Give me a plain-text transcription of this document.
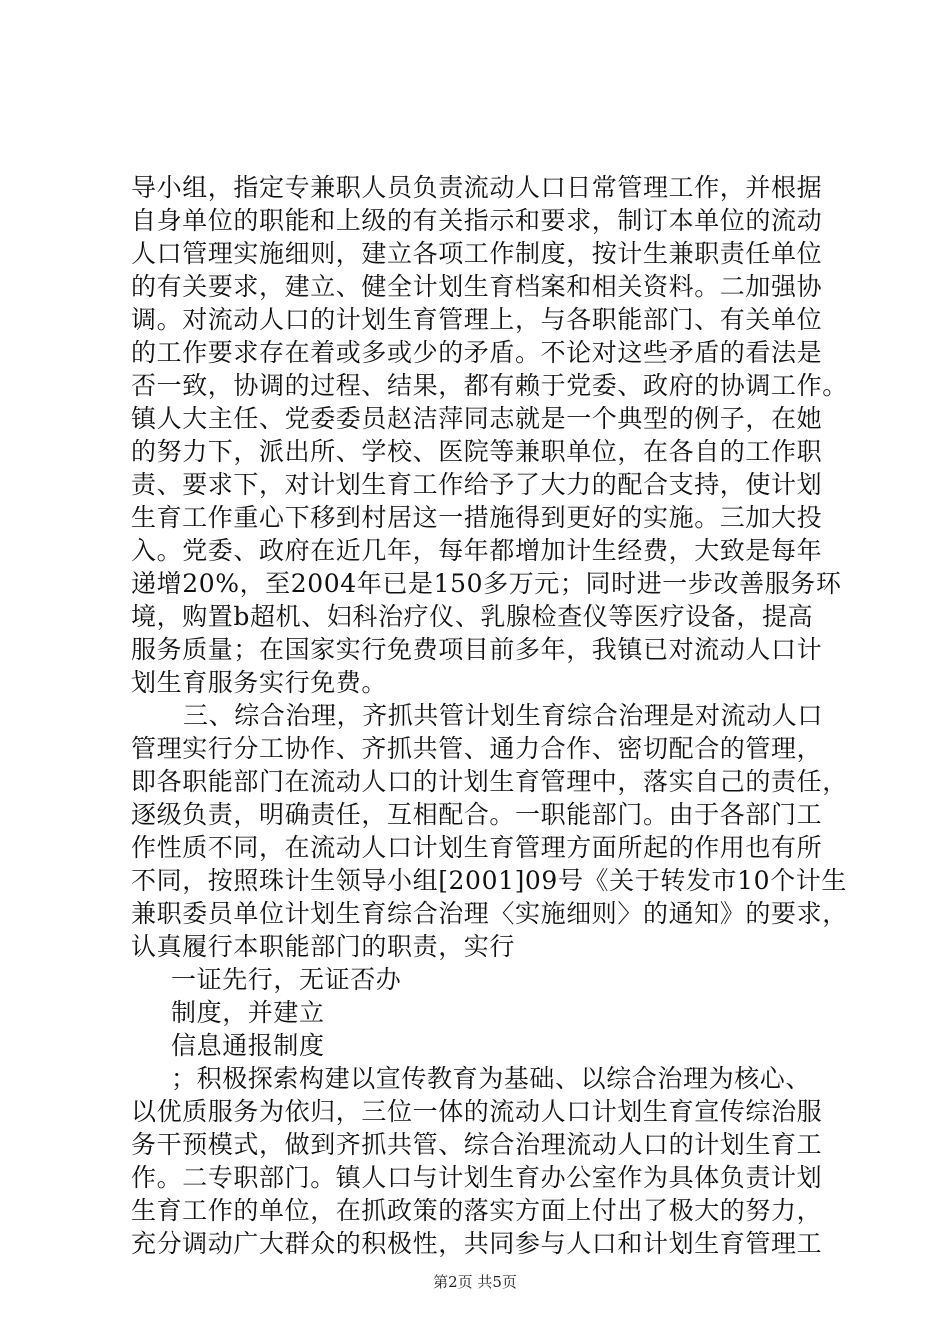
导小组，指定专兼职人员负责流动人口日常管理工作，并根据
自身单位的职能和上级的有关指示和要求，制订本单位的流动
人口管理实施细则，建立各项工作制度，按计生兼职责任单位
的有关要求，建立、健全计划生育档案和相关资料。二加强协
调。对流动人口的计划生育管理上，与各职能部门、有关单位
的工作要求存在着或多或少的矛盾。不论对这些矛盾的看法是
否一致，协调的过程、结果，都有赖于党委、政府的协调工作。
镇人大主任、党委委员赵洁萍同志就是一个典型的例子，在她
的努力下，派出所、学校、医院等兼职单位，在各自的工作职
责、要求下，对计划生育工作给予了大力的配合支持，使计划
生育工作重心下移到村居这一措施得到更好的实施。三加大投
入。党委、政府在近几年，每年都增加计生经费，大致是每年
递增20%，至2004年已是150多万元；同时进一步改善服务环
境，购置b超机、妇科治疗仪、乳腺检查仪等医疗设备，提高
服务质量；在国家实行免费项目前多年，我镇已对流动人口计
划生育服务实行免费。
三、综合治理，齐抓共管计划生育综合治理是对流动人口
管理实行分工协作、齐抓共管、通力合作、密切配合的管理，
即各职能部门在流动人口的计划生育管理中，落实自己的责任，
逐级负责，明确责任，互相配合。一职能部门。由于各部门工
作性质不同，在流动人口计划生育管理方面所起的作用也有所
不同，按照珠计生领导小组[2001]09号《关于转发市10个计生
兼职委员单位计划生育综合治理〈实施细则〉的通知》的要求，
认真履行本职能部门的职责，实行
一证先行，无证否办
制度，并建立
信息通报制度
；积极探索构建以宣传教育为基础、以综合治理为核心、
以优质服务为依归，三位一体的流动人口计划生育宣传综治服
务干预模式，做到齐抓共管、综合治理流动人口的计划生育工
作。二专职部门。镇人口与计划生育办公室作为具体负责计划
生育工作的单位，在抓政策的落实方面上付出了极大的努力，
充分调动广大群众的积极性，共同参与人口和计划生育管理工
第2页 共5页
